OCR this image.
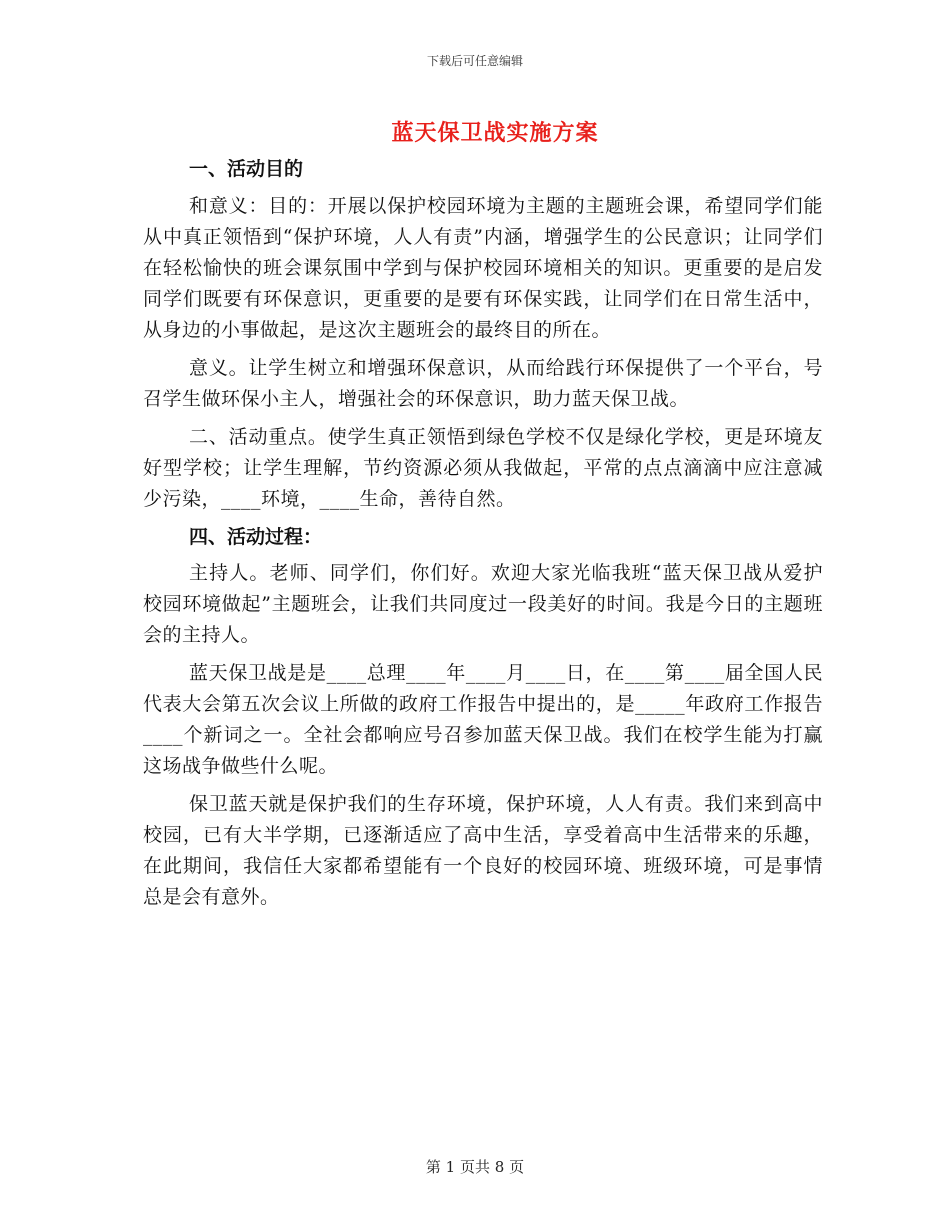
下载后可任意编辑
蓝天保卫战实施方案
一、活动目的

和意义：目的：开展以保护校园环境为主题的主题班会课，希望同学们能从中真正领悟到“保护环境，人人有责”内涵，增强学生的公民意识；让同学们在轻松愉快的班会课氛围中学到与保护校园环境相关的知识。更重要的是启发同学们既要有环保意识，更重要的是要有环保实践，让同学们在日常生活中，从身边的小事做起，是这次主题班会的最终目的所在。

意义。让学生树立和增强环保意识，从而给践行环保提供了一个平台，号召学生做环保小主人，增强社会的环保意识，助力蓝天保卫战。

二、活动重点。使学生真正领悟到绿色学校不仅是绿化学校，更是环境友好型学校；让学生理解，节约资源必须从我做起，平常的点点滴滴中应注意减少污染，____环境，____生命，善待自然。

四、活动过程：

主持人。老师、同学们，你们好。欢迎大家光临我班“蓝天保卫战从爱护校园环境做起”主题班会，让我们共同度过一段美好的时间。我是今日的主题班会的主持人。

蓝天保卫战是是____总理____年____月____日，在____第____届全国人民代表大会第五次会议上所做的政府工作报告中提出的，是_____年政府工作报告____个新词之一。全社会都响应号召参加蓝天保卫战。我们在校学生能为打赢这场战争做些什么呢。

保卫蓝天就是保护我们的生存环境，保护环境，人人有责。我们来到高中校园，已有大半学期，已逐渐适应了高中生活，享受着高中生活带来的乐趣，在此期间，我信任大家都希望能有一个良好的校园环境、班级环境，可是事情总是会有意外。

第 1 页共 8 页
